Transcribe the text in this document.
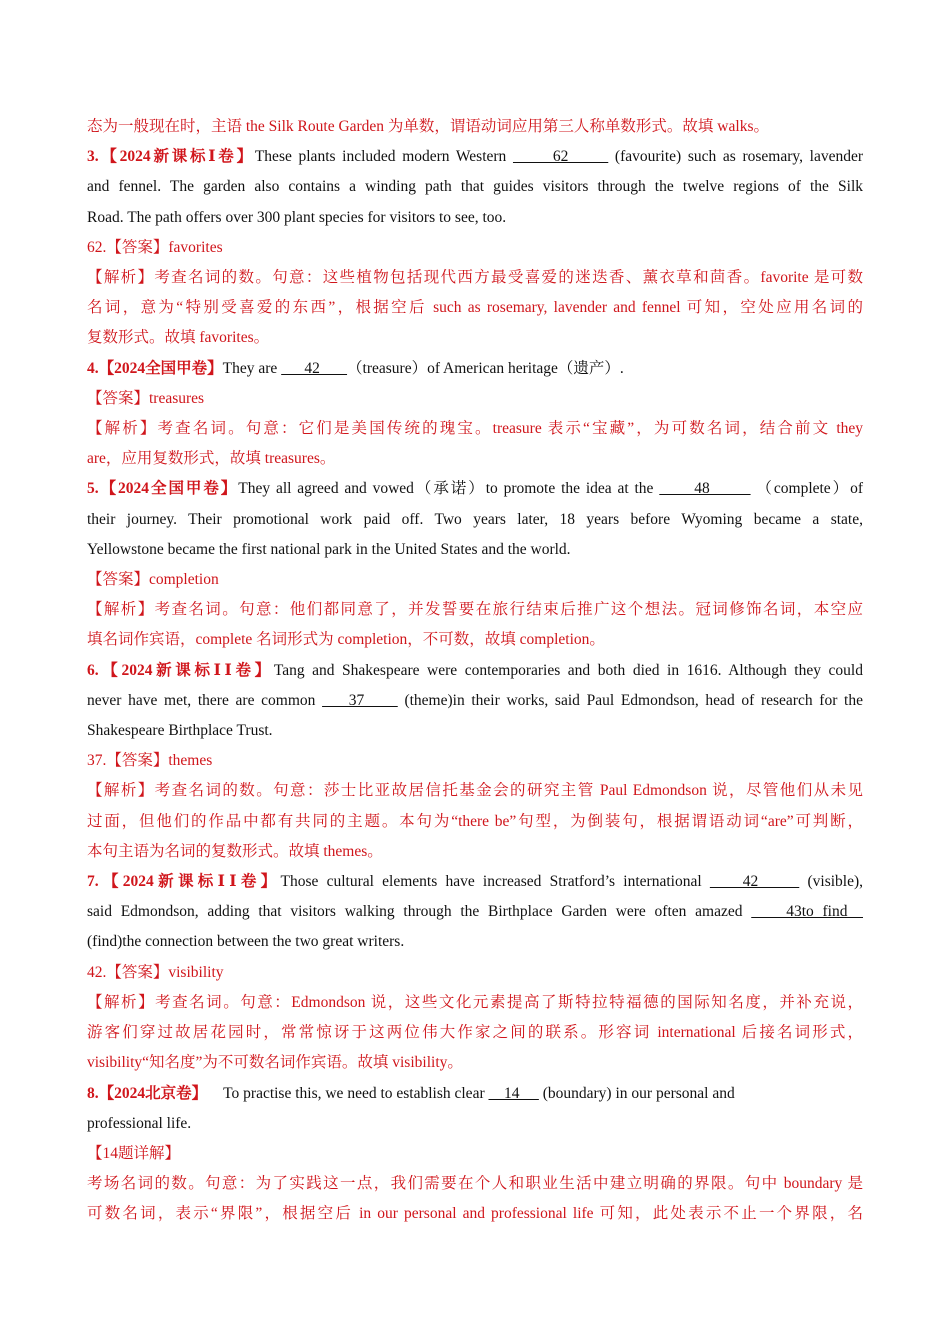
态为一般现在时，主语 the Silk Route Garden 为单数，谓语动词应用第三人称单数形式。故填 walks。
3.【2024新课标Ⅰ卷】These plants included modern Western       62       (favourite) such as rosemary, lavender
and fennel. The garden also contains a winding path that guides visitors through the twelve regions of the Silk
Road. The path offers over 300 plant species for visitors to see, too.
62.【答案】favorites
【解析】考查名词的数。句意：这些植物包括现代西方最受喜爱的迷迭香、薰衣草和茴香。favorite 是可数
名词，意为“特别受喜爱的东西”，根据空后 such as rosemary, lavender and fennel 可知，空处应用名词的
复数形式。故填 favorites。
4.【2024全国甲卷】They are       42       （treasure）of American heritage（遗产）.
【答案】treasures
【解析】考查名词。句意：它们是美国传统的瑰宝。treasure 表示“宝藏”，为可数名词，结合前文 they
are，应用复数形式，故填 treasures。
5.【2024全国甲卷】They all agreed and vowed（承诺）to promote the idea at the       48        （complete）of
their journey. Their promotional work paid off. Two years later, 18 years before Wyoming became a state,
Yellowstone became the first national park in the United States and the world.
【答案】completion
【解析】考查名词。句意：他们都同意了，并发誓要在旅行结束后推广这个想法。冠词修饰名词，本空应
填名词作宾语，complete 名词形式为 completion，不可数，故填 completion。
6.【2024新课标ⅠⅠ卷】Tang and Shakespeare were contemporaries and both died in 1616. Although they could
never have met, there are common     37      (theme)in their works, said Paul Edmondson, head of research for the
Shakespeare Birthplace Trust.
37.【答案】themes
【解析】考查名词的数。句意：莎士比亚故居信托基金会的研究主管 Paul Edmondson 说，尽管他们从未见
过面，但他们的作品中都有共同的主题。本句为“there be”句型，为倒装句，根据谓语动词“are”可判断，
本句主语为名词的复数形式。故填 themes。
7.【2024新课标ⅠⅠ卷】Those cultural elements have increased Stratford’s international     42      (visible),
said Edmondson, adding that visitors walking through the Birthplace Garden were often amazed     43to find
(find)the connection between the two great writers.
42.【答案】visibility
【解析】考查名词。句意：Edmondson 说，这些文化元素提高了斯特拉特福德的国际知名度，并补充说，
游客们穿过故居花园时，常常惊讶于这两位伟大作家之间的联系。形容词 international 后接名词形式，
visibility“知名度”为不可数名词作宾语。故填 visibility。
8.【2024北京卷】 To practise this, we need to establish clear     14      (boundary) in our personal and
professional life.
【14题详解】
考场名词的数。句意：为了实践这一点，我们需要在个人和职业生活中建立明确的界限。句中 boundary 是
可数名词，表示“界限”，根据空后 in our personal and professional life 可知，此处表示不止一个界限，名
